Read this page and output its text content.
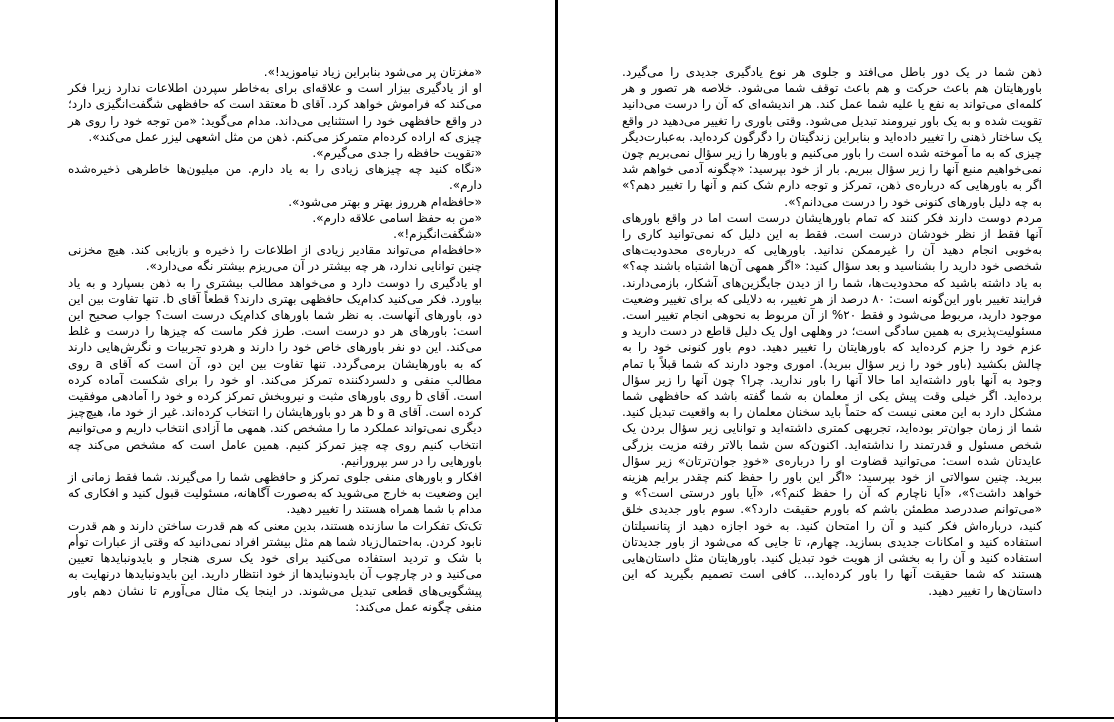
«مغزتان پر می‌شود بنابراین زیاد نیاموزید!».

او از یادگیری بیزار است و علاقه‌ای برای به‌خاطر سپردن اطلاعات ندارد زیرا فکر می‌کند که فراموش خواهد کرد. آقای b معتقد است که حافظهی شگفت‌انگیزی دارد؛ در واقع حافظهی خود را استثنایی می‌داند. مدام می‌گوید: «من توجه خود را روی هر چیزی که اراده کرده‌ام متمرکز می‌کنم. ذهن من مثل اشعهی لیزر عمل می‌کند».

«تقویت حافظه را جدی می‌گیرم».

«نگاه کنید چه چیزهای زیادی را به یاد دارم. من میلیون‌ها خاطرهی ذخیره‌شده دارم».

«حافظه‌ام هرروز بهتر و بهتر می‌شود».

«من به حفظ اسامی علاقه دارم».

«شگفت‌انگیزم!».

«حافظه‌ام می‌تواند مقادیر زیادی از اطلاعات را ذخیره و بازیابی کند. هیچ مخزنی چنین توانایی ندارد، هر چه بیشتر در آن می‌ریزم بیشتر نگه می‌دارد».

او یادگیری را دوست دارد و می‌خواهد مطالب بیشتری را به ذهن بسپارد و به یاد بیاورد. فکر می‌کنید کدام‌یک حافظهی بهتری دارند؟ قطعاً آقای b. تنها تفاوت بین این دو، باورهای آنهاست. به نظر شما باورهای کدام‌یک درست است؟ جواب صحیح این است: باورهای هر دو درست است. طرز فکر ماست که چیزها را درست و غلط می‌کند. این دو نفر باورهای خاص خود را دارند و هردو تجربیات و نگرش‌هایی دارند که به باورهایشان برمی‌گردد. تنها تفاوت بین این دو، آن است که آقای a روی مطالب منفی و دلسردکننده تمرکز می‌کند. او خود را برای شکست آماده کرده است. آقای b روی باورهای مثبت و نیروبخش تمرکز کرده و خود را آمادهی موفقیت کرده است. آقای a و b هر دو باورهایشان را انتخاب کرده‌اند. غیر از خود ما، هیچ‌چیز دیگری نمی‌تواند عملکرد ما را مشخص کند. همهی ما آزادی انتخاب داریم و می‌توانیم انتخاب کنیم روی چه چیز تمرکز کنیم. همین عامل است که مشخص می‌کند چه باورهایی را در سر بپرورانیم.

افکار و باورهای منفی جلوی تمرکز و حافظهی شما را می‌گیرند. شما فقط زمانی از این وضعیت به خارج می‌شوید که به‌صورت آگاهانه، مسئولیت قبول کنید و افکاری که مدام با شما همراه هستند را تغییر دهید.

تک‌تک تفکرات ما سازنده هستند، بدین معنی که هم قدرت ساختن دارند و هم قدرت نابود کردن. به‌احتمال‌زیاد شما هم مثل بیشتر افراد نمی‌دانید که وقتی از عبارات توأم با شک و تردید استفاده می‌کنید برای خود یک سری هنجار و بایدونبایدها تعیین می‌کنید و در چارچوب آن بایدونبایدها از خود انتظار دارید. این بایدونبایدها درنهایت به پیشگویی‌های قطعی تبدیل می‌شوند. در اینجا یک مثال می‌آورم تا نشان دهم باور منفی چگونه عمل می‌کند:

ذهن شما در یک دور باطل می‌افتد و جلوی هر نوع یادگیری جدیدی را می‌گیرد. باورهایتان هم باعث حرکت و هم باعث توقف شما می‌شود. خلاصه هر تصور و هر کلمه‌ای می‌تواند به نفع یا علیه شما عمل کند. هر اندیشه‌ای که آن را درست می‌دانید تقویت شده و به یک باور نیرومند تبدیل می‌شود. وقتی باوری را تغییر می‌دهید در واقع یک ساختار ذهنی را تغییر داده‌اید و بنابراین زندگیتان را دگرگون کرده‌اید. به‌عبارت‌دیگر چیزی که به ما آموخته شده است را باور می‌کنیم و باورها را زیر سؤال نمی‌بریم چون نمی‌خواهیم منبع آنها را زیر سؤال ببریم. بار از خود بپرسید: «چگونه آدمی خواهم شد اگر به باورهایی که درباره‌ی ذهن، تمرکز و توجه دارم شک کنم و آنها را تغییر دهم؟» به چه دلیل باورهای کنونی خود را درست می‌دانم؟».

مردم دوست دارند فکر کنند که تمام باورهایشان درست است اما در واقع باورهای آنها فقط از نظر خودشان درست است. فقط به این دلیل که نمی‌توانید کاری را به‌خوبی انجام دهید آن را غیرممکن ندانید. باورهایی که درباره‌ی محدودیت‌های شخصی خود دارید را بشناسید و بعد سؤال کنید: «اگر همهی آن‌ها اشتباه باشند چه؟» به یاد داشته باشید که محدودیت‌ها، شما را از دیدن جایگزین‌های آشکار، بازمی‌دارند. فرایند تغییر باور این‌گونه است: ۸۰ درصد از هر تغییر، به دلایلی که برای تغییر وضعیت موجود دارید، مربوط می‌شود و فقط ۲۰% از آن مربوط به نحوهی انجام تغییر است. مسئولیت‌پذیری به همین سادگی است؛ در وهلهی اول یک دلیل قاطع در دست دارید و عزم خود را جزم کرده‌اید که باورهایتان را تغییر دهید. دوم باور کنونی خود را به چالش بکشید (باور خود را زیر سؤال ببرید). اموری وجود دارند که شما قبلاً با تمام وجود به آنها باور داشته‌اید اما حالا آنها را باور ندارید. چرا؟ چون آنها را زیر سؤال برده‌اید. اگر خیلی وقت پیش یکی از معلمان به شما گفته باشد که حافظهی شما مشکل دارد به این معنی نیست که حتماً باید سخنان معلمان را به واقعیت تبدیل کنید. شما از زمان جوان‌تر بوده‌اید، تجربهی کمتری داشته‌اید و توانایی زیر سؤال بردن یک شخص مسئول و قدرتمند را نداشته‌اید. اکنون‌که سن شما بالاتر رفته مزیت بزرگی عایدتان شده است: می‌توانید قضاوت او را درباره‌ی «خودِ جوان‌ترتان» زیر سؤال ببرید. چنین سوالاتی از خود بپرسید: «اگر این باور را حفظ کنم چقدر برایم هزینه خواهد داشت؟»، «آیا ناچارم که آن را حفظ کنم؟»، «آیا باور درستی است؟» و «می‌توانم صددرصد مطمئن باشم که باورم حقیقت دارد؟». سوم باور جدیدی خلق کنید، درباره‌اش فکر کنید و آن را امتحان کنید. به خود اجازه دهید از پتانسیلتان استفاده کنید و امکانات جدیدی بسازید. چهارم، تا جایی که می‌شود از باور جدیدتان استفاده کنید و آن را به بخشی از هویت خود تبدیل کنید. باورهایتان مثل داستان‌هایی هستند که شما حقیقت آنها را باور کرده‌اید... کافی است تصمیم بگیرید که این داستان‌ها را تغییر دهید.
